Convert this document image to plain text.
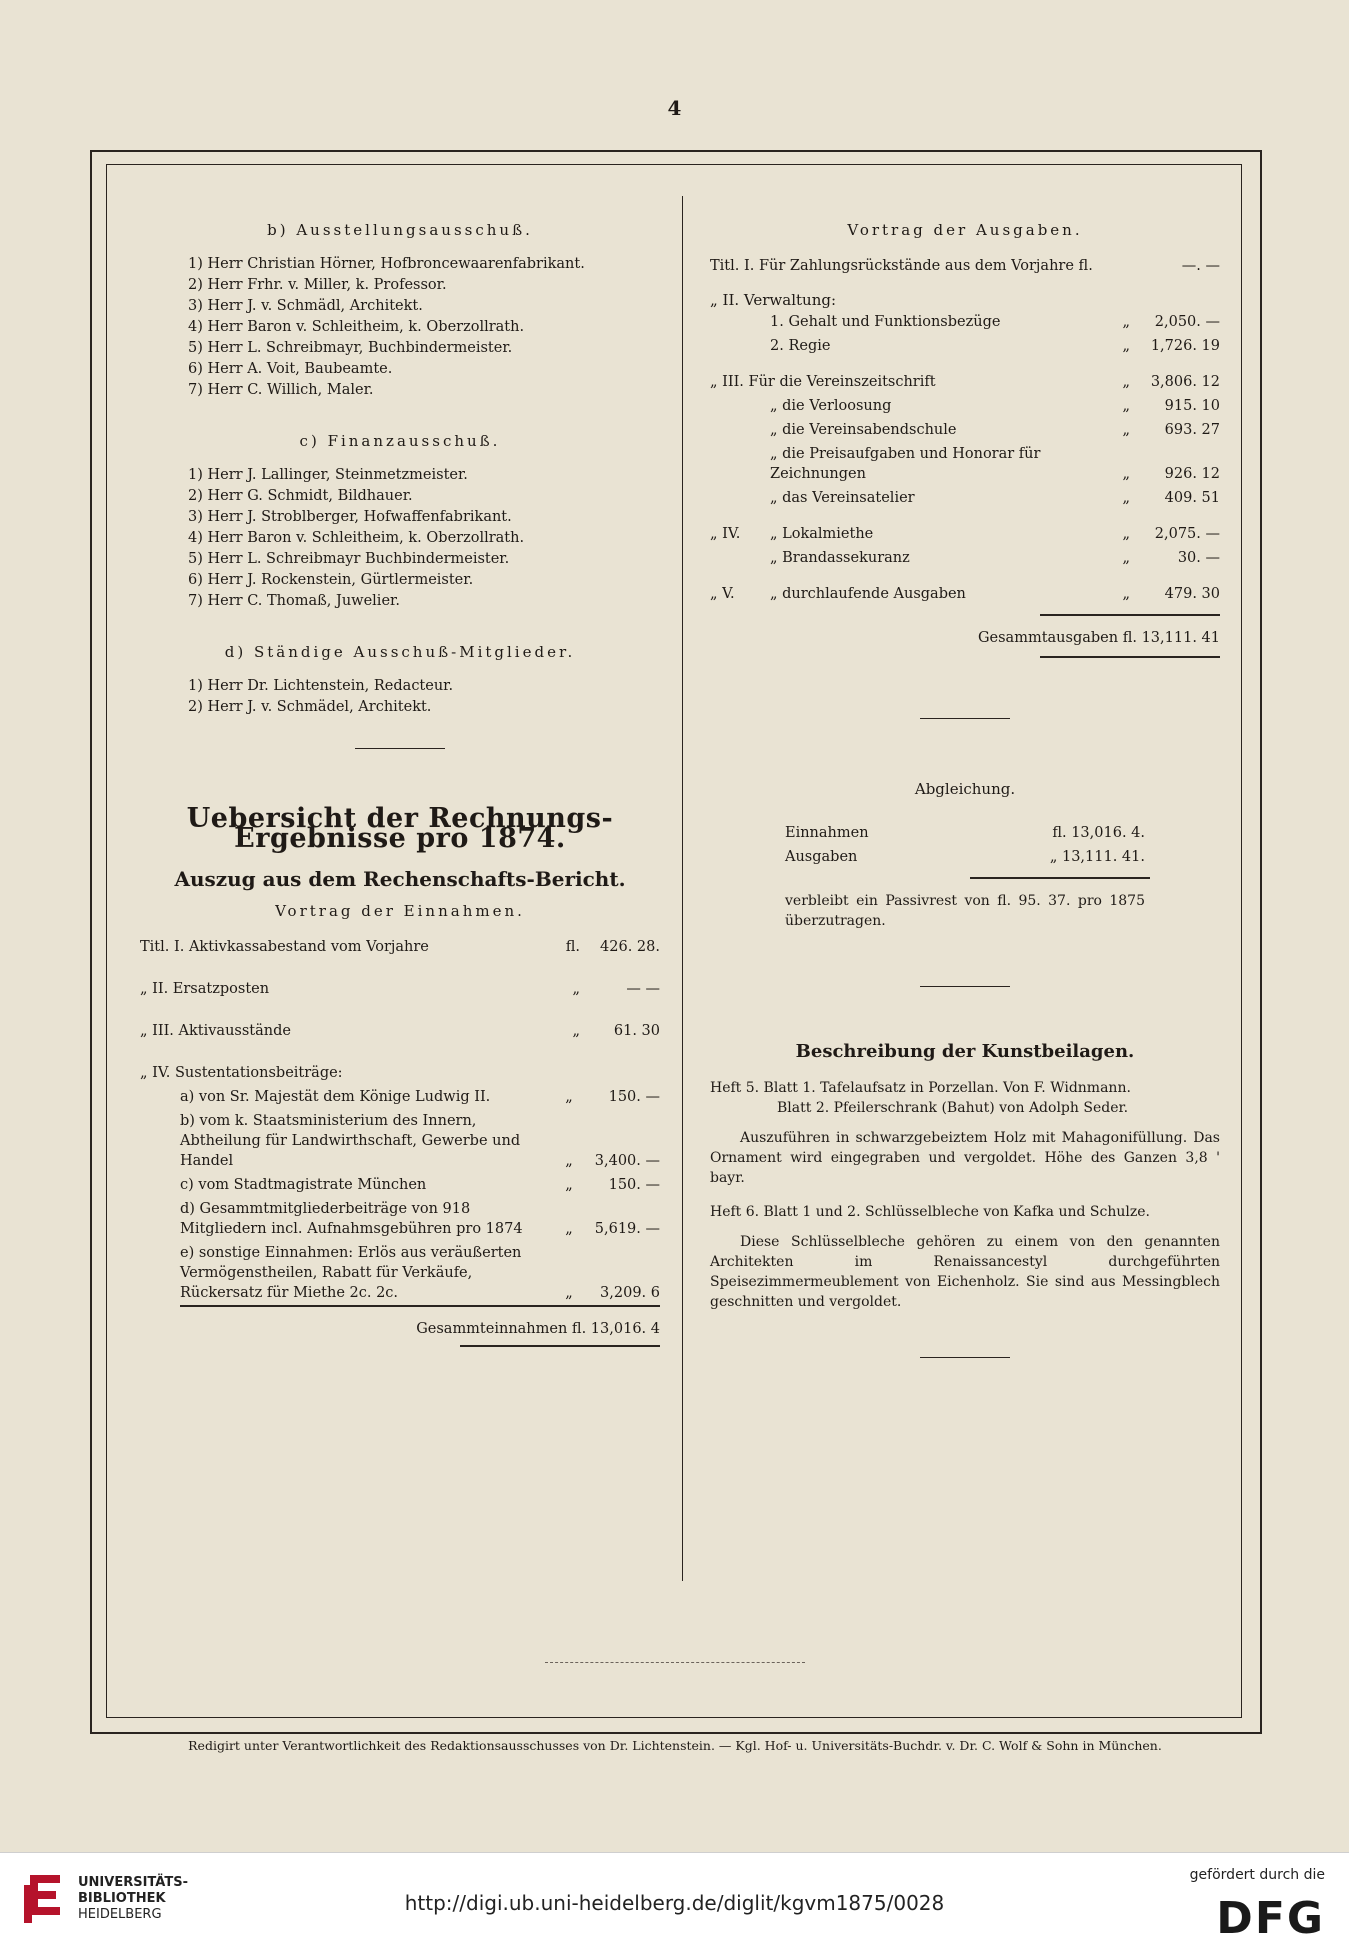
4
b) Ausstellungsausschuß.
1) Herr Christian Hörner, Hofbroncewaarenfabrikant.
2) Herr Frhr. v. Miller, k. Professor.
3) Herr J. v. Schmädl, Architekt.
4) Herr Baron v. Schleitheim, k. Oberzollrath.
5) Herr L. Schreibmayr, Buchbindermeister.
6) Herr A. Voit, Baubeamte.
7) Herr C. Willich, Maler.
c) Finanzausschuß.
1) Herr J. Lallinger, Steinmetzmeister.
2) Herr G. Schmidt, Bildhauer.
3) Herr J. Stroblberger, Hofwaffenfabrikant.
4) Herr Baron v. Schleitheim, k. Oberzollrath.
5) Herr L. Schreibmayr Buchbindermeister.
6) Herr J. Rockenstein, Gürtlermeister.
7) Herr C. Thomaß, Juwelier.
d) Ständige Ausschuß-Mitglieder.
1) Herr Dr. Lichtenstein, Redacteur.
2) Herr J. v. Schmädel, Architekt.
Uebersicht der Rechnungs-Ergebnisse pro 1874.
Auszug aus dem Rechenschafts-Bericht.
Vortrag der Einnahmen.
Titl. I. Aktivkassabestand vom Vorjahre	fl.	426. 28.

„ II. Ersatzposten	„	— —

„ III. Aktivausstände	„	61. 30

„ IV. Sustentationsbeiträge:		
a) von Sr. Majestät dem Könige Ludwig II.	„	150. —
b) vom k. Staatsministerium des Innern, Abtheilung für Landwirthschaft, Gewerbe und Handel	„	3,400. —
c) vom Stadtmagistrate München	„	150. —
d) Gesammtmitgliederbeiträge von 918 Mitgliedern incl. Aufnahmsgebühren pro 1874	„	5,619. —
e) sonstige Einnahmen: Erlös aus veräußerten Vermögenstheilen, Rabatt für Verkäufe, Rückersatz für Miethe 2c. 2c.	„	3,209. 6
Gesammteinnahmen fl. 13,016. 4
Vortrag der Ausgaben.
Titl. I. Für Zahlungsrückstände aus dem Vorjahre fl.	—. —
„ II. Verwaltung:
1. Gehalt und Funktionsbezüge	„	2,050. —
2. Regie	„	1,726. 19
„ III. Für die Vereinszeitschrift	„	3,806. 12
„ die Verloosung	„	915. 10
„ die Vereinsabendschule	„	693. 27
„ die Preisaufgaben und Honorar für Zeichnungen	„	926. 12
„ das Vereinsatelier	„	409. 51
„ IV.	„ Lokalmiethe	„	2,075. —
	„ Brandassekuranz	„	30. —

„ V.	„ durchlaufende Ausgaben	„	479. 30
Gesammtausgaben fl. 13,111. 41
Abgleichung.
Einnahmen	fl. 13,016. 4.
Ausgaben	„ 13,111. 41.
verbleibt ein Passivrest von fl. 95. 37. pro 1875 überzutragen.
Beschreibung der Kunstbeilagen.
Heft 5. Blatt 1. Tafelaufsatz in Porzellan. Von F. Widnmann.
Blatt 2. Pfeilerschrank (Bahut) von Adolph Seder.
Auszuführen in schwarzgebeiztem Holz mit Mahagonifüllung. Das Ornament wird eingegraben und vergoldet. Höhe des Ganzen 3,8 ' bayr.
Heft 6. Blatt 1 und 2. Schlüsselbleche von Kafka und Schulze.
Diese Schlüsselbleche gehören zu einem von den genannten Architekten im Renaissancestyl durchgeführten Speisezimmermeublement von Eichenholz. Sie sind aus Messingblech geschnitten und vergoldet.
Redigirt unter Verantwortlichkeit des Redaktionsausschusses von Dr. Lichtenstein. — Kgl. Hof- u. Universitäts-Buchdr. v. Dr. C. Wolf & Sohn in München.
UNIVERSITÄTS-
BIBLIOTHEK
HEIDELBERG	http://digi.ub.uni-heidelberg.de/diglit/kgvm1875/0028
gefördert durch die
DFG
